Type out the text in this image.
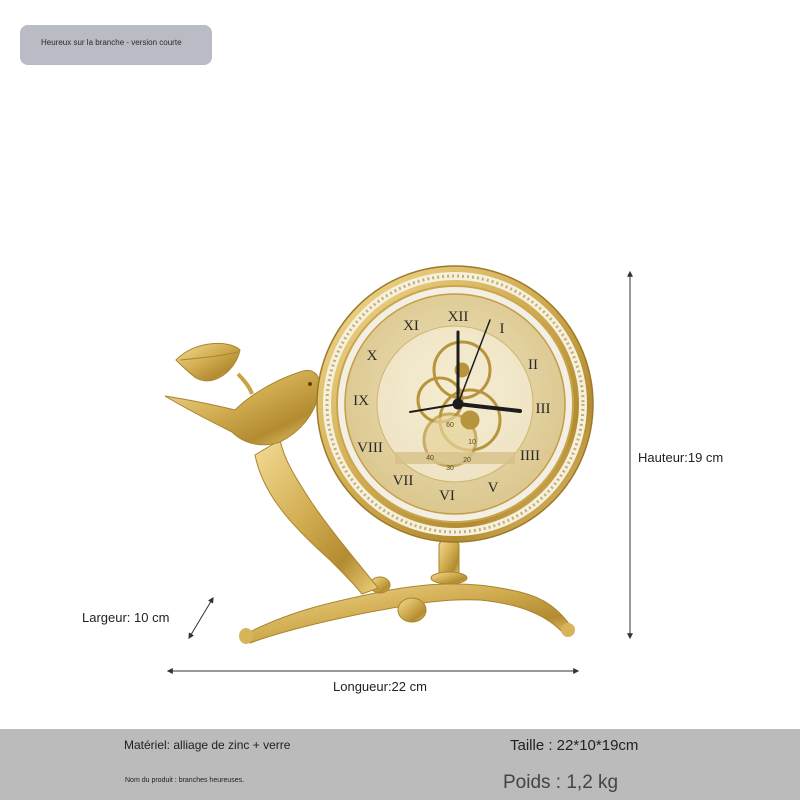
Heureux sur la branche - version courte
60
10
20
30
40
XII
I
II
III
IIII
V
VI
VII
VIII
IX
X
XI
Hauteur:19 cm
Largeur: 10 cm
Longueur:22 cm
Matériel: alliage de zinc + verre	Taille : 22*10*19cm
Nom du produit : branches heureuses.	Poids : 1,2 kg
